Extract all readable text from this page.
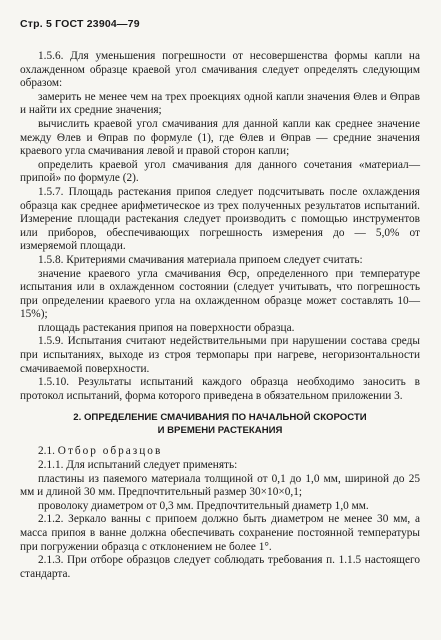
Стр. 5 ГОСТ 23904—79

1.5.6. Для уменьшения погрешности от несовершенства формы капли на охлажденном образце краевой угол смачивания следует определять следующим образом:

замерить не менее чем на трех проекциях одной капли значения Θлев и Θправ и найти их средние значения;

вычислить краевой угол смачивания для данной капли как среднее значение между Θлев и Θправ по формуле (1), где Θлев и Θправ — средние значения краевого угла смачивания левой и правой сторон капли;

определить краевой угол смачивания для данного сочетания «материал—припой» по формуле (2).

1.5.7. Площадь растекания припоя следует подсчитывать после охлаждения образца как среднее арифметическое из трех полученных результатов испытаний. Измерение площади растекания следует производить с помощью инструментов или приборов, обеспечивающих погрешность измерения до — 5,0% от измеряемой площади.

1.5.8. Критериями смачивания материала припоем следует считать:

значение краевого угла смачивания Θср, определенного при температуре испытания или в охлажденном состоянии (следует учитывать, что погрешность при определении краевого угла на охлажденном образце может составлять 10—15%);

площадь растекания припоя на поверхности образца.

1.5.9. Испытания считают недействительными при нарушении состава среды при испытаниях, выходе из строя термопары при нагреве, негоризонтальности смачиваемой поверхности.

1.5.10. Результаты испытаний каждого образца необходимо заносить в протокол испытаний, форма которого приведена в обязательном приложении 3.

2. ОПРЕДЕЛЕНИЕ СМАЧИВАНИЯ ПО НАЧАЛЬНОЙ СКОРОСТИ
И ВРЕМЕНИ РАСТЕКАНИЯ

2.1. Отбор образцов

2.1.1. Для испытаний следует применять:

пластины из паяемого материала толщиной от 0,1 до 1,0 мм, шириной до 25 мм и длиной 30 мм. Предпочтительный размер 30×10×0,1;

проволоку диаметром от 0,3 мм. Предпочтительный диаметр 1,0 мм.

2.1.2. Зеркало ванны с припоем должно быть диаметром не менее 30 мм, а масса припоя в ванне должна обеспечивать сохранение постоянной температуры при погружении образца с отклонением не более 1°.

2.1.3. При отборе образцов следует соблюдать требования п. 1.1.5 настоящего стандарта.
